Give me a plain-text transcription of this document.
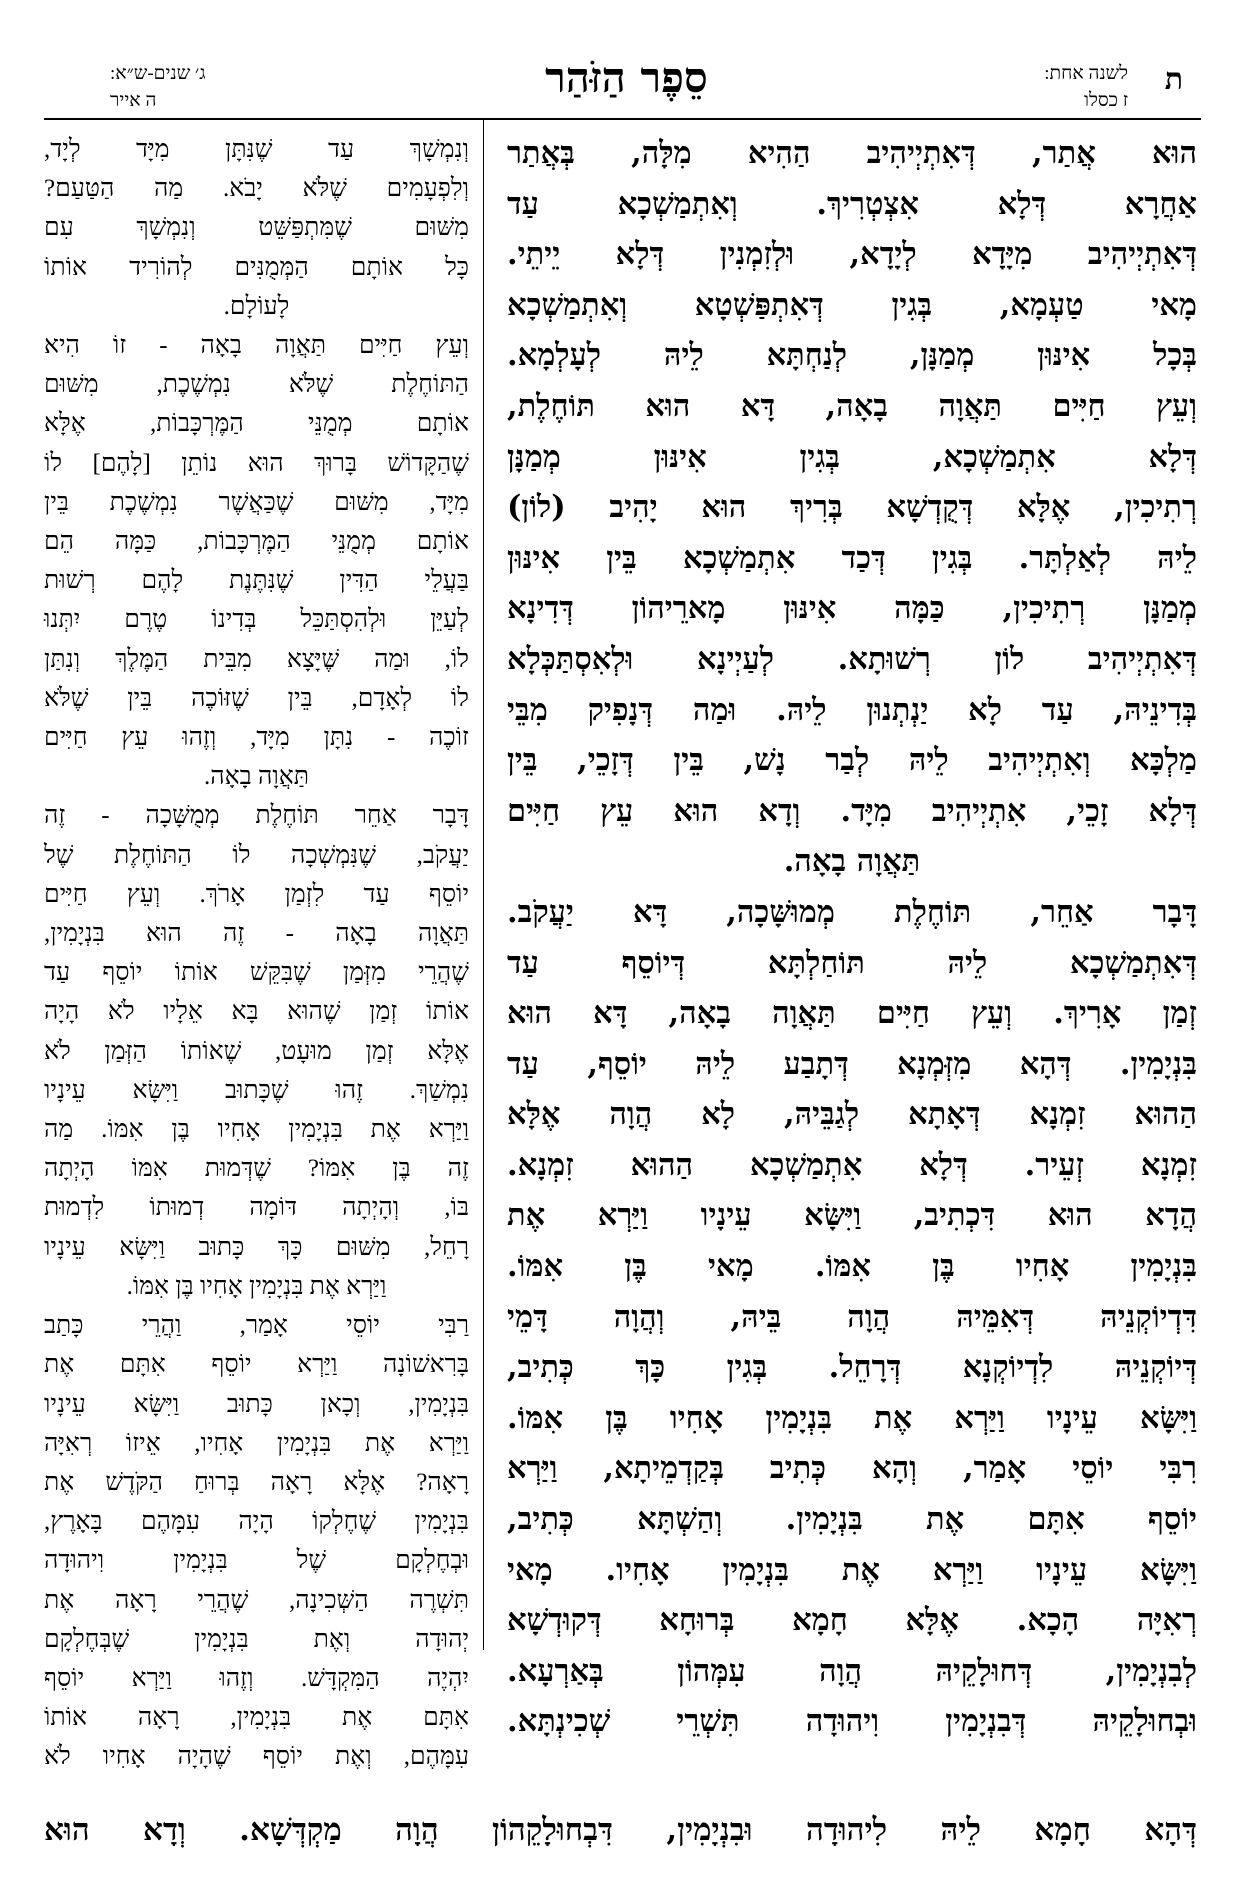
ת
לשנה אחת:
ז כסלו
סֵפֶר הַזֹּהַר
ג׳ שנים-ש״א:
ה אייר

הוּא אֲתַר, דְּאִתְיְיהִיב הַהִיא מִלָּה, בְּאֲתַר

אַחֲרָא דְּלָא אִצְטְרִיךְ. וְאִתְמַשְׁכָא עַד

דְּאִתְיְיהִיב מִיָּדָא לְיָדָא, וּלְזִמְנִין דְּלָא יֵיתֵי.

מָאי טַעְמָא, בְּגִין דְּאִתְפַּשְׁטָא וְאִתְמַשְׁכָא

בְּכָל אִינּוּן מְמַנָּן, לְנַחְתָּא לֵיהּ לְעָלְמָא.

וְעֵץ חַיִּים תַּאֲוָה בָאָה, דָּא הוּא תּוֹחֶלֶת,

דְּלָא אִתְמַשְׁכָא, בְּגִין אִינּוּן מְמַנָּן

רְתִיכִין, אֶלָּא דְּקֻדְשָׁא בְּרִיךְ הוּא יָהִיב (לוֹן)

לֵיהּ לְאַלְתָּר. בְּגִין דְּכַד אִתְמַשְׁכָא בֵּין אִינּוּן

מְמַנָּן רְתִיכִין, כַּמָּה אִינּוּן מָארֵיהוֹן דְּדִינָא

דְּאִתְיְיהִיב לוֹן רְשׁוּתָא. לְעַיְינָא וּלְאִסְתַּכְּלָא

בְּדִינֵיהּ, עַד לָא יַנְתְנוּן לֵיהּ. וּמַה דְּנָפִיק מִבֵּי

מַלְכָּא וְאִתְיְיהִיב לֵיהּ לְבַר נָשׁ, בֵּין דְּזָכֵי, בֵּין

דְּלָא זָכֵי, אִתְיְיהִיב מִיָּד. וְדָא הוּא עֵץ חַיִּים

תַּאֲוָה בָאָה.

דָּבָר אַחֵר, תּוֹחֶלֶת מְמוּשָּׁכָה, דָּא יַעֲקֹב.

דְּאִתְמַשְׁכָא לֵיהּ תּוֹחַלְתָּא דְּיוֹסֵף עַד

זְמַן אָרִיךְ. וְעֵץ חַיִּים תַּאֲוָה בָאָה, דָּא הוּא

בִּנְיָמִין. דְּהָא מִזְּמְנָא דְּתָבַע לֵיהּ יוֹסֵף, עַד

הַהוּא זִמְנָא דְּאָתָא לְגַבֵּיהּ, לָא הֲוָה אֶלָּא

זִמְנָא זְעֵיר. דְּלָא אִתְמַשְׁכָא הַהוּא זִמְנָא.

הֲדָא הוּא דִּכְתִיב, וַיִּשָּׂא עֵינָיו וַיַּרְא אֶת

בִּנְיָמִין אָחִיו בֶּן אִמּוֹ. מָאי בֶּן אִמּוֹ.

דִּדְיוֹקְנֵיהּ דְּאִמֵּיהּ הֲוָה בֵּיהּ, וְהֲוָה דָּמֵי

דְּיוֹקְנֵיהּ לִדְיוֹקְנָא דְּרָחֵל. בְּגִין כָּךְ כְּתִיב,

וַיִּשָּׂא עֵינָיו וַיַּרְא אֶת בִּנְיָמִין אָחִיו בֶּן אִמּוֹ.

רִבִּי יוֹסֵי אָמַר, וְהָא כְּתִיב בְּקַדְמֵיתָא, וַיַּרְא

יוֹסֵף אִתָּם אֶת בִּנְיָמִין. וְהַשְׁתָּא כְּתִיב,

וַיִּשָּׂא עֵינָיו וַיַּרְא אֶת בִּנְיָמִין אָחִיו. מָאי

רְאִיָּה הָכָא. אֶלָּא חָמָא בְּרוּחָא דְּקוּדְשָׁא

לְבִנְיָמִין, דְּחוּלָקֵיהּ הֲוָה עִמְּהוֹן בְּאַרְעָא.

וּבְחוּלָקֵיהּ דְּבִנְיָמִין וִיהוּדָה תִּשְׁרֵי שְׁכִינְתָּא.

וְנִמְשָׁךְ עַד שֶׁנִּתָּן מִיָּד לְיָד,

וְלִפְעָמִים שֶׁלֹּא יָבֹא. מַה הַטַּעַם?

מִשּׁוּם שֶׁמִּתְפַּשֵּׁט וְנִמְשָׁךְ עִם

כָּל אוֹתָם הַמְּמֻנִּים לְהוֹרִיד אוֹתוֹ

לָעוֹלָם.

וְעֵץ חַיִּים תַּאֲוָה בָאָה - זוֹ הִיא

הַתּוֹחֶלֶת שֶׁלֹּא נִמְשֶׁכֶת, מִשּׁוּם

אוֹתָם מְמֻנֵּי הַמֶּרְכָּבוֹת, אֶלָּא

שֶׁהַקָּדוֹשׁ בָּרוּךְ הוּא נוֹתֵן [לָהֶם] לוֹ

מִיָּד, מִשּׁוּם שֶׁכַּאֲשֶׁר נִמְשֶׁכֶת בֵּין

אוֹתָם מְמֻנֵּי הַמֶּרְכָּבוֹת, כַּמָּה הֵם

בַּעֲלֵי הַדִּין שֶׁנִּתֶּנֶת לָהֶם רְשׁוּת

לְעַיֵּן וּלְהִסְתַּכֵּל בְּדִינוֹ טֶרֶם יִתְּנוּ

לוֹ, וּמַה שֶּׁיָּצָא מִבֵּית הַמֶּלֶךְ וְנִתַּן

לוֹ לְאָדָם, בֵּין שֶׁזּוֹכֶה בֵּין שֶׁלֹּא

זוֹכֶה - נִתָּן מִיָּד, וְזֶהוּ עֵץ חַיִּים

תַּאֲוָה בָאָה.

דָּבָר אַחֵר תּוֹחֶלֶת מְמֻשָּׁכָה - זֶה

יַעֲקֹב, שֶׁנִּמְשְׁכָה לוֹ הַתּוֹחֶלֶת שֶׁל

יוֹסֵף עַד לִזְמַן אָרֹךְ. וְעֵץ חַיִּים

תַּאֲוָה בָאָה - זֶה הוּא בִּנְיָמִין,

שֶׁהֲרֵי מִזְּמַן שֶׁבִּקֵּשׁ אוֹתוֹ יוֹסֵף עַד

אוֹתוֹ זְמַן שֶׁהוּא בָּא אֵלָיו לֹא הָיָה

אֶלָּא זְמַן מוּעָט, שֶׁאוֹתוֹ הַזְּמַן לֹא

נִמְשַׁךְ. זֶהוּ שֶׁכָּתוּב וַיִּשָּׂא עֵינָיו

וַיַּרְא אֶת בִּנְיָמִין אָחִיו בֶּן אִמּוֹ. מַה

זֶה בֶּן אִמּוֹ? שֶׁדְּמוּת אִמּוֹ הָיְתָה

בּוֹ, וְהָיְתָה דּוֹמָה דְמוּתוֹ לִדְמוּת

רָחֵל, מִשּׁוּם כָּךְ כָּתוּב וַיִּשָּׂא עֵינָיו

וַיַּרְא אֶת בִּנְיָמִין אָחִיו בֶּן אִמּוֹ.

רַבִּי יוֹסֵי אָמַר, וַהֲרֵי כָּתַב

בָּרִאשׁוֹנָה וַיַּרְא יוֹסֵף אִתָּם אֶת

בִּנְיָמִין, וְכָאן כָּתוּב וַיִּשָּׂא עֵינָיו

וַיַּרְא אֶת בִּנְיָמִין אָחִיו, אֵיזוֹ רְאִיָּה

רָאָה? אֶלָּא רָאָה בְּרוּחַ הַקֹּדֶשׁ אֶת

בִּנְיָמִין שֶׁחֶלְקוֹ הָיָה עִמָּהֶם בָּאָרֶץ,

וּבְחֶלְקָם שֶׁל בִּנְיָמִין וִיהוּדָה

תִּשְׁרֶה הַשְּׁכִינָה, שֶׁהֲרֵי רָאָה אֶת

יְהוּדָה וְאֶת בִּנְיָמִין שֶׁבְּחֶלְקָם

יִהְיֶה הַמִּקְדָּשׁ. וְזֶהוּ וַיַּרְא יוֹסֵף

אִתָּם אֶת בִּנְיָמִין, רָאָה אוֹתוֹ

עִמָּהֶם, וְאֶת יוֹסֵף שֶׁהָיָה אָחִיו לֹא

דְּהָא חָמָא לֵיהּ לִיהוּדָה וּבִנְיָמִין, דִּבְחוּלָקֵהוֹן הֲוָה מַקְדְּשָׁא. וְדָא הוּא
